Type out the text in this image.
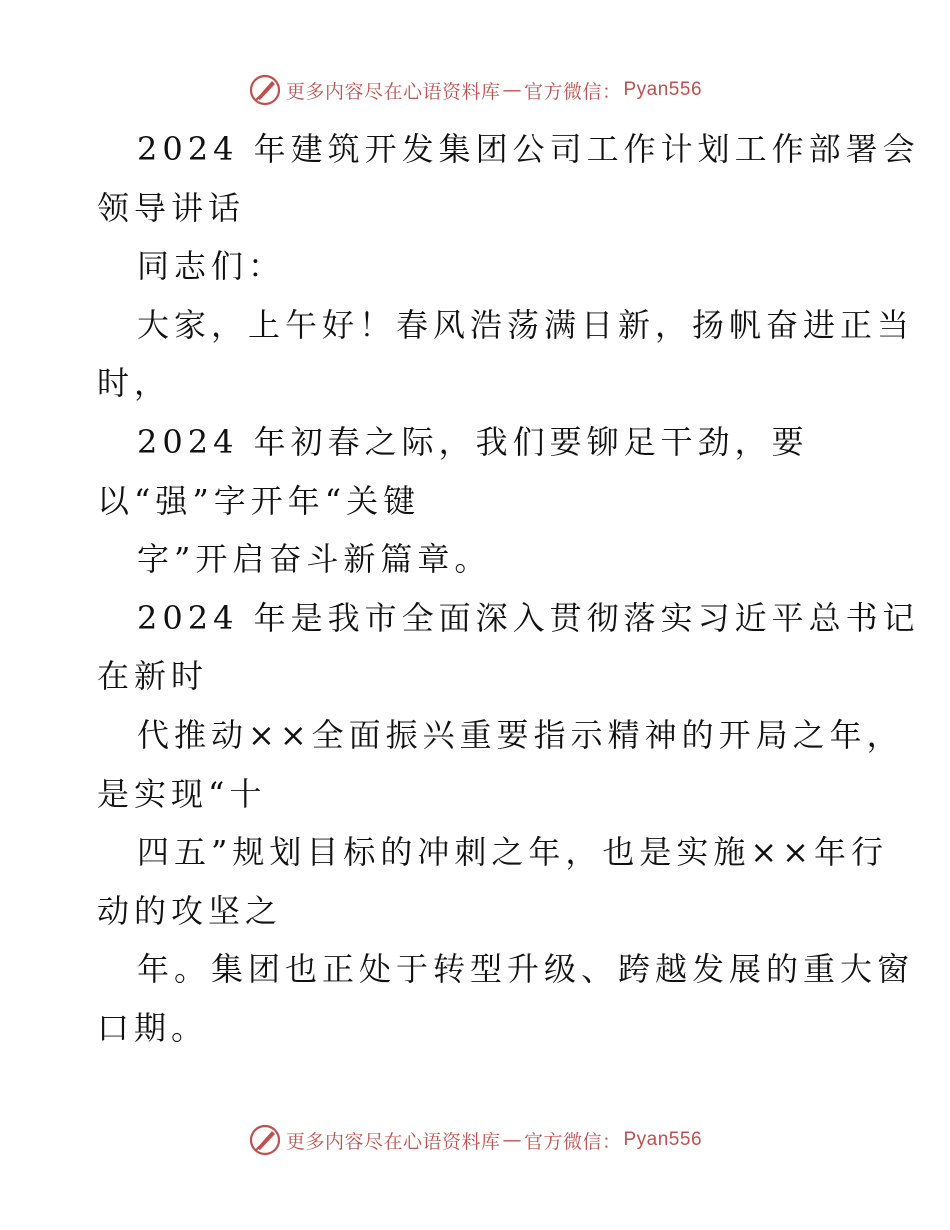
更多内容尽在心语资料库 — 官方微信： Pyan556
2024 年建筑开发集团公司工作计划工作部署会
领导讲话
同志们：
大家，上午好！春风浩荡满日新，扬帆奋进正当
时，
2024 年初春之际，我们要铆足干劲，要
以“强”字开年“关键
字”开启奋斗新篇章。
2024 年是我市全面深入贯彻落实习近平总书记
在新时
代推动××全面振兴重要指示精神的开局之年，
是实现“十
四五”规划目标的冲刺之年，也是实施××年行
动的攻坚之
年。集团也正处于转型升级、跨越发展的重大窗
口期。
更多内容尽在心语资料库 — 官方微信： Pyan556
